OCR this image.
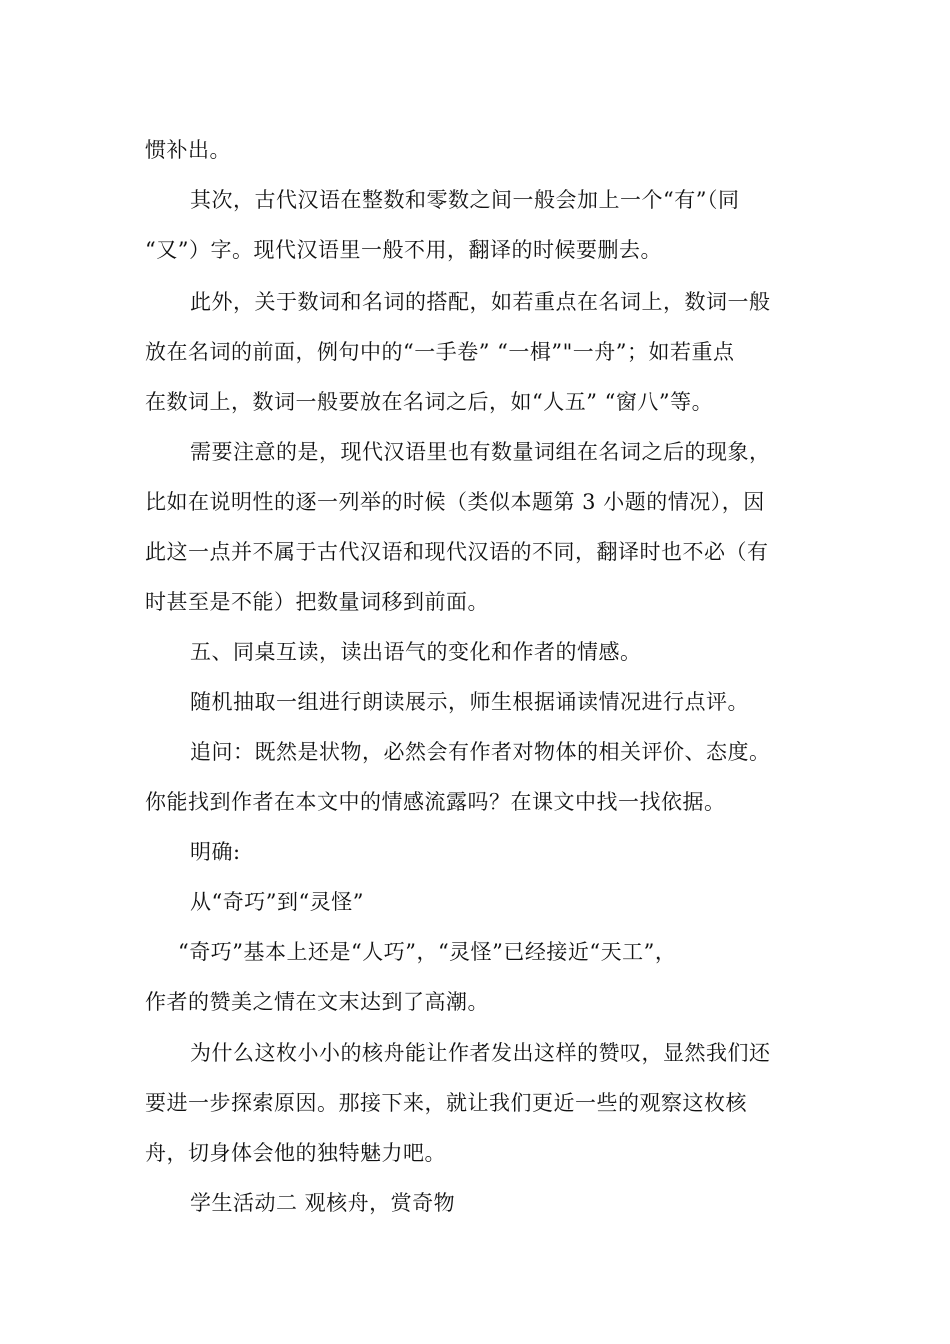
惯补出。
其次，古代汉语在整数和零数之间一般会加上一个“有”（同
“又”）字。现代汉语里一般不用，翻译的时候要删去。
此外，关于数词和名词的搭配，如若重点在名词上，数词一般
放在名词的前面，例句中的“一手卷” “一楫”"一舟”；如若重点
在数词上，数词一般要放在名词之后，如“人五” “窗八”等。
需要注意的是，现代汉语里也有数量词组在名词之后的现象，
比如在说明性的逐一列举的时候（类似本题第 3 小题的情况），因
此这一点并不属于古代汉语和现代汉语的不同，翻译时也不必（有
时甚至是不能）把数量词移到前面。
五、同桌互读，读出语气的变化和作者的情感。
随机抽取一组进行朗读展示，师生根据诵读情况进行点评。
追问：既然是状物，必然会有作者对物体的相关评价、态度。
你能找到作者在本文中的情感流露吗？在课文中找一找依据。
明确:
从“奇巧”到“灵怪”
“奇巧”基本上还是“人巧”，“灵怪”已经接近“天工”，
作者的赞美之情在文末达到了高潮。
为什么这枚小小的核舟能让作者发出这样的赞叹，显然我们还
要进一步探索原因。那接下来，就让我们更近一些的观察这枚核
舟，切身体会他的独特魅力吧。
学生活动二 观核舟，赏奇物
